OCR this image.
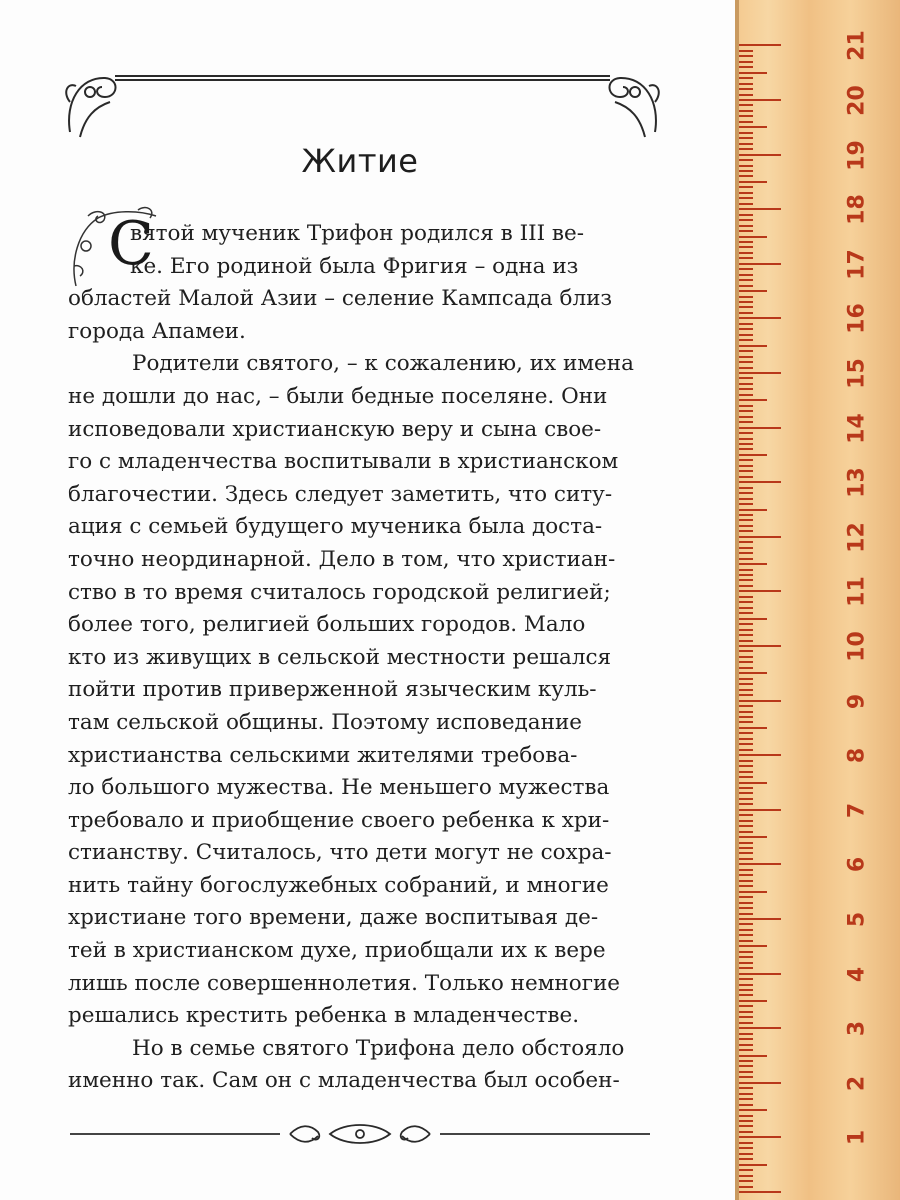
Житие
С
вятой мученик Трифон родился в III ве-
ке. Его родиной была Фригия – одна из
областей Малой Азии – селение Кампсада близ
города Апамеи.
Родители святого, – к сожалению, их имена
не дошли до нас, – были бедные поселяне. Они
исповедовали христианскую веру и сына свое-
го с младенчества воспитывали в христианском
благочестии. Здесь следует заметить, что ситу-
ация с семьей будущего мученика была доста-
точно неординарной. Дело в том, что христиан-
ство в то время считалось городской религией;
более того, религией больших городов. Мало
кто из живущих в сельской местности решался
пойти против приверженной языческим куль-
там сельской общины. Поэтому исповедание
христианства сельскими жителями требова-
ло большого мужества. Не меньшего мужества
требовало и приобщение своего ребенка к хри-
стианству. Считалось, что дети могут не сохра-
нить тайну богослужебных собраний, и многие
христиане того времени, даже воспитывая де-
тей в христианском духе, приобщали их к вере
лишь после совершеннолетия. Только немногие
решались крестить ребенка в младенчестве.
Но в семье святого Трифона дело обстояло
именно так. Сам он с младенчества был особен-
1
2
3
4
5
6
7
8
9
10
11
12
13
14
15
16
17
18
19
20
21
